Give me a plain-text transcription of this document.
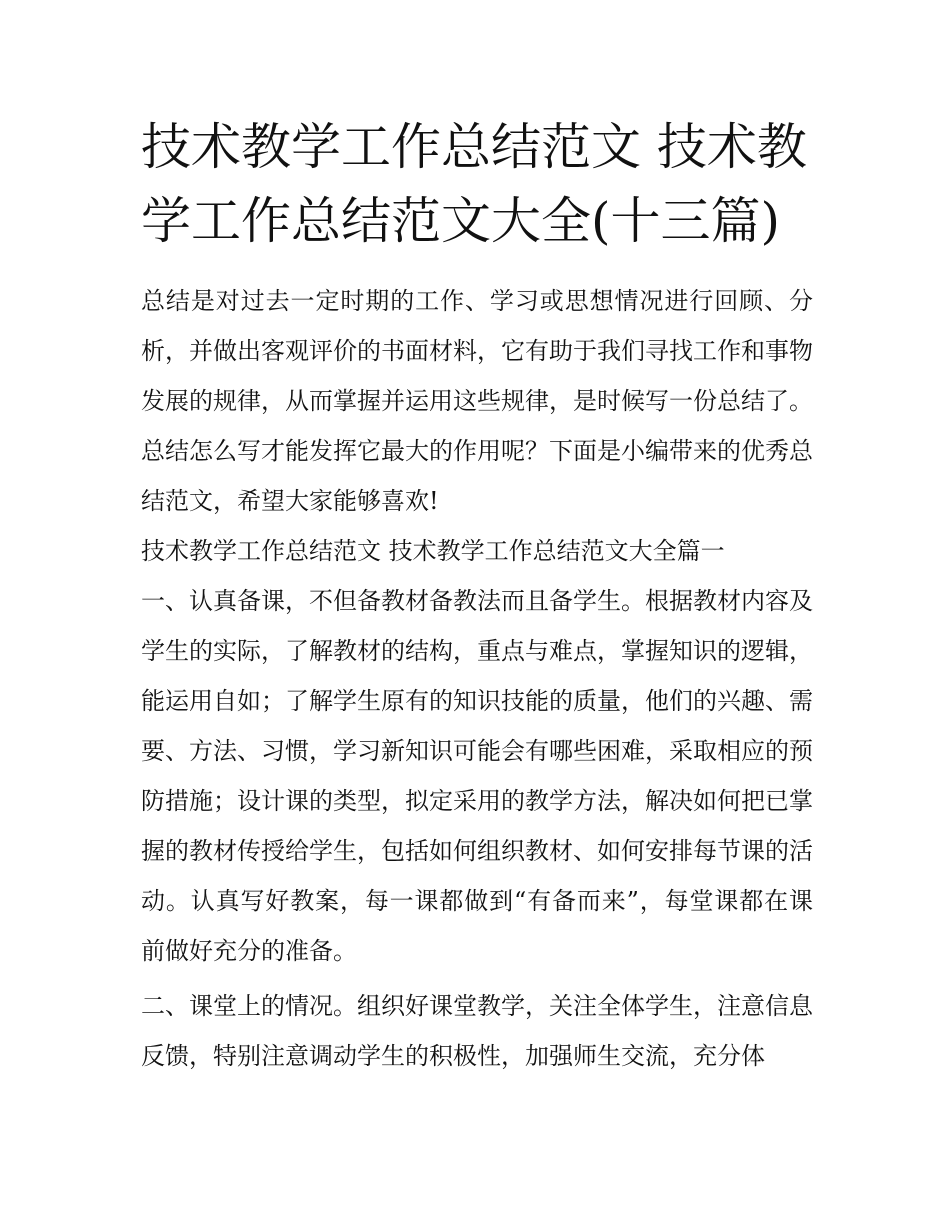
技术教学工作总结范文 技术教学工作总结范文大全(十三篇)

总结是对过去一定时期的工作、学习或思想情况进行回顾、分析，并做出客观评价的书面材料，它有助于我们寻找工作和事物发展的规律，从而掌握并运用这些规律，是时候写一份总结了。总结怎么写才能发挥它最大的作用呢？下面是小编带来的优秀总结范文，希望大家能够喜欢!

技术教学工作总结范文 技术教学工作总结范文大全篇一

一、认真备课，不但备教材备教法而且备学生。根据教材内容及学生的实际，了解教材的结构，重点与难点，掌握知识的逻辑，能运用自如；了解学生原有的知识技能的质量，他们的兴趣、需要、方法、习惯，学习新知识可能会有哪些困难，采取相应的预防措施；设计课的类型，拟定采用的教学方法，解决如何把已掌握的教材传授给学生，包括如何组织教材、如何安排每节课的活动。认真写好教案，每一课都做到“有备而来”，每堂课都在课前做好充分的准备。

二、课堂上的情况。组织好课堂教学，关注全体学生，注意信息反馈，特别注意调动学生的积极性，加强师生交流，充分体
